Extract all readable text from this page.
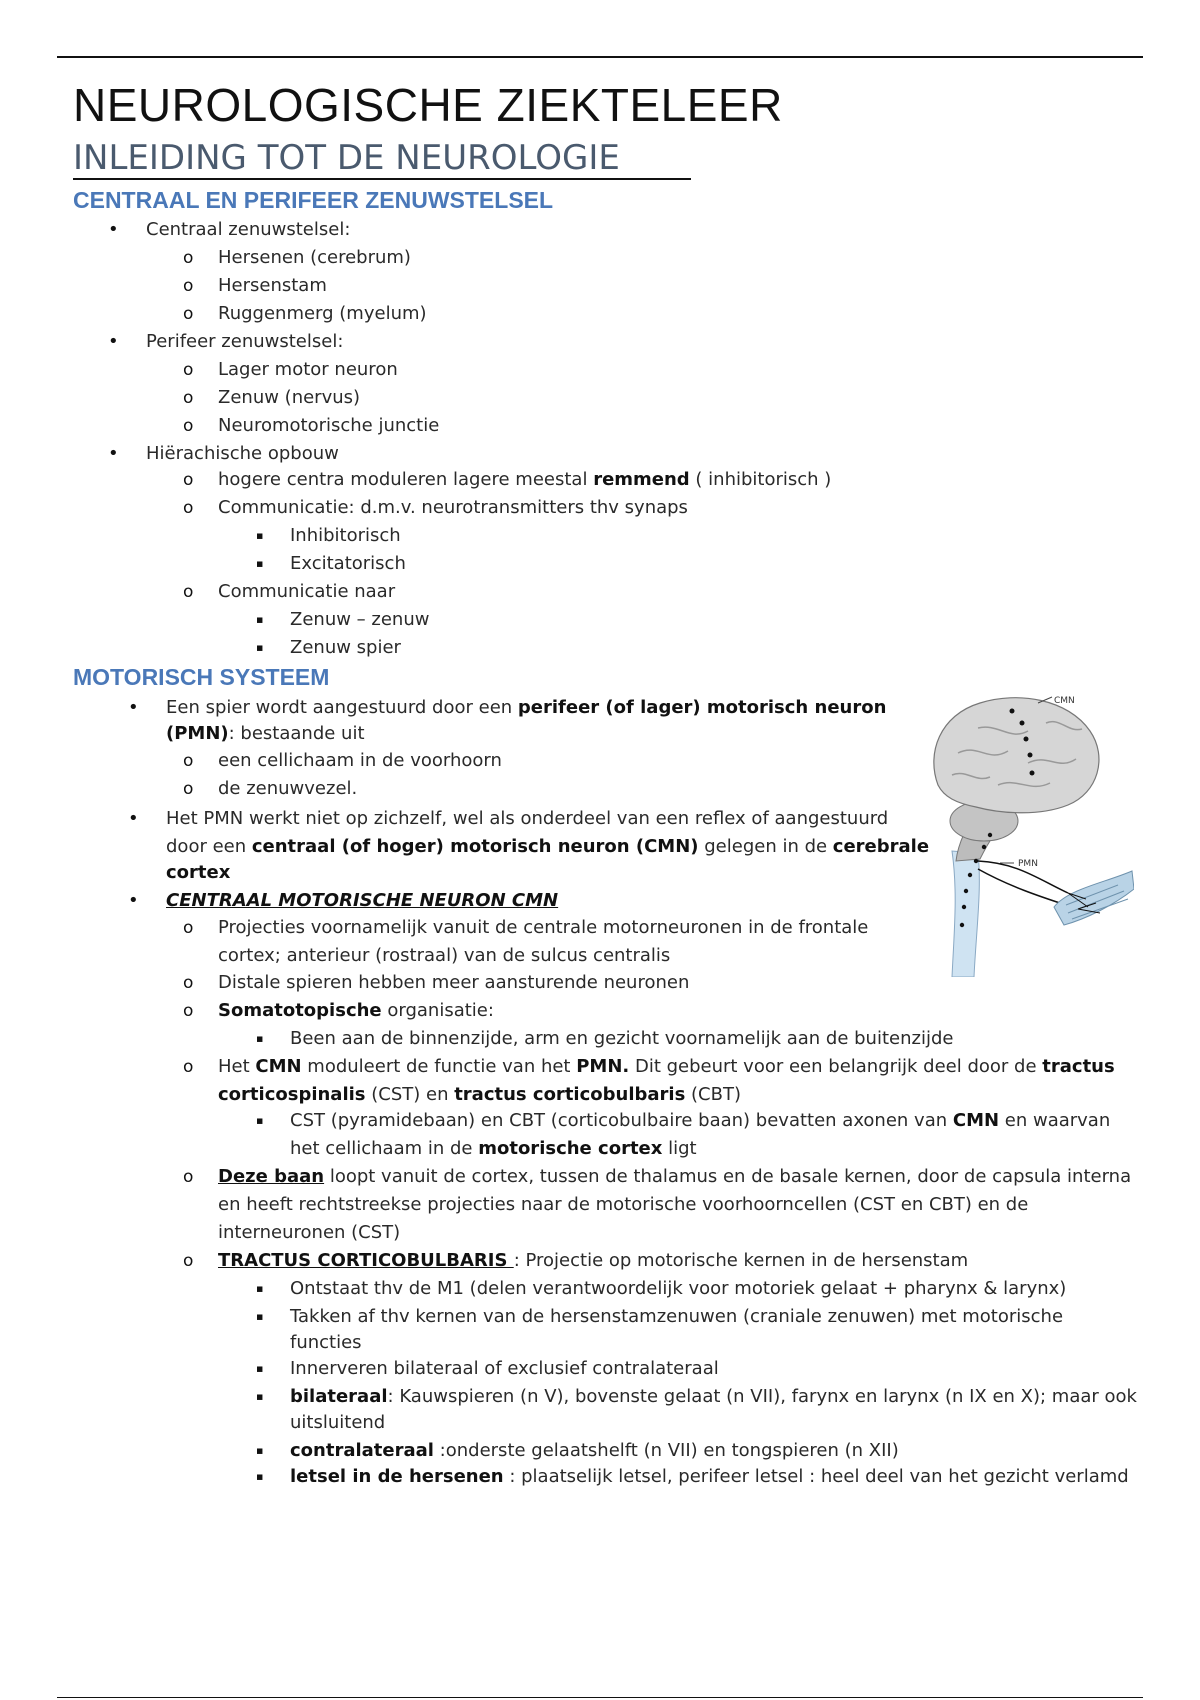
NEUROLOGISCHE ZIEKTELEER
INLEIDING TOT DE NEUROLOGIE
CENTRAAL EN PERIFEER ZENUWSTELSEL
• Centraal zenuwstelsel:
o Hersenen (cerebrum)
o Hersenstam
o Ruggenmerg (myelum)
• Perifeer zenuwstelsel:
o Lager motor neuron
o Zenuw (nervus)
o Neuromotorische junctie
• Hiërachische opbouw
o hogere centra moduleren lagere meestal remmend ( inhibitorisch )
o Communicatie: d.m.v. neurotransmitters thv synaps
▪ Inhibitorisch
▪ Excitatorisch
o Communicatie naar
▪ Zenuw – zenuw
▪ Zenuw spier
MOTORISCH SYSTEEM
• Een spier wordt aangestuurd door een perifeer (of lager) motorisch neuron
(PMN): bestaande uit
o een cellichaam in de voorhoorn
o de zenuwvezel.
• Het PMN werkt niet op zichzelf, wel als onderdeel van een reflex of aangestuurd
door een centraal (of hoger) motorisch neuron (CMN) gelegen in de cerebrale
cortex
• CENTRAAL MOTORISCHE NEURON CMN
o Projecties voornamelijk vanuit de centrale motorneuronen in de frontale
cortex; anterieur (rostraal) van de sulcus centralis
o Distale spieren hebben meer aansturende neuronen
o Somatotopische organisatie:
▪ Been aan de binnenzijde, arm en gezicht voornamelijk aan de buitenzijde
o Het CMN moduleert de functie van het PMN. Dit gebeurt voor een belangrijk deel door de tractus
corticospinalis (CST) en tractus corticobulbaris (CBT)
▪ CST (pyramidebaan) en CBT (corticobulbaire baan) bevatten axonen van CMN en waarvan
het cellichaam in de motorische cortex ligt
o Deze baan loopt vanuit de cortex, tussen de thalamus en de basale kernen, door de capsula interna
en heeft rechtstreekse projecties naar de motorische voorhoorncellen (CST en CBT) en de
interneuronen (CST)
o TRACTUS CORTICOBULBARIS : Projectie op motorische kernen in de hersenstam
▪ Ontstaat thv de M1 (delen verantwoordelijk voor motoriek gelaat + pharynx & larynx)
▪ Takken af thv kernen van de hersenstamzenuwen (craniale zenuwen) met motorische
functies
▪ Innerveren bilateraal of exclusief contralateraal
▪ bilateraal: Kauwspieren (n V), bovenste gelaat (n VII), farynx en larynx (n IX en X); maar ook
uitsluitend
▪ contralateraal :onderste gelaatshelft (n VII) en tongspieren (n XII)
▪ letsel in de hersenen : plaatselijk letsel, perifeer letsel : heel deel van het gezicht verlamd
CMN
PMN
